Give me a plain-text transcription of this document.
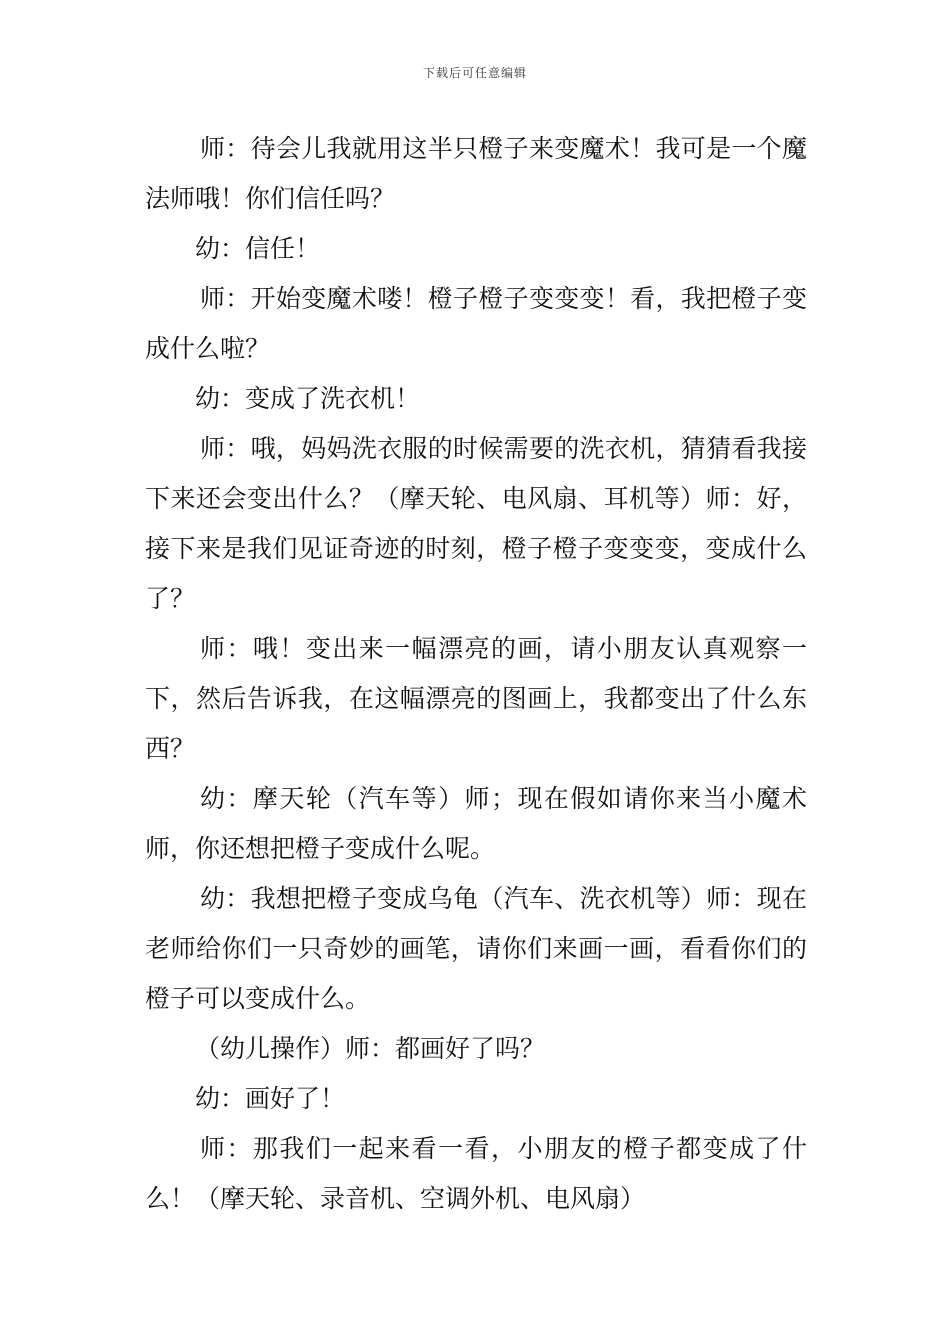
下载后可任意编辑

师：待会儿我就用这半只橙子来变魔术！我可是一个魔法师哦！你们信任吗？

幼：信任！

师：开始变魔术喽！橙子橙子变变变！看，我把橙子变成什么啦？

幼：变成了洗衣机！

师：哦，妈妈洗衣服的时候需要的洗衣机，猜猜看我接下来还会变出什么？（摩天轮、电风扇、耳机等）师：好，接下来是我们见证奇迹的时刻，橙子橙子变变变，变成什么了？

师：哦！变出来一幅漂亮的画，请小朋友认真观察一下，然后告诉我，在这幅漂亮的图画上，我都变出了什么东西？

幼：摩天轮（汽车等）师；现在假如请你来当小魔术师，你还想把橙子变成什么呢。

幼：我想把橙子变成乌龟（汽车、洗衣机等）师：现在老师给你们一只奇妙的画笔，请你们来画一画，看看你们的橙子可以变成什么。

（幼儿操作）师：都画好了吗？

幼：画好了！

师：那我们一起来看一看，小朋友的橙子都变成了什么！（摩天轮、录音机、空调外机、电风扇）
